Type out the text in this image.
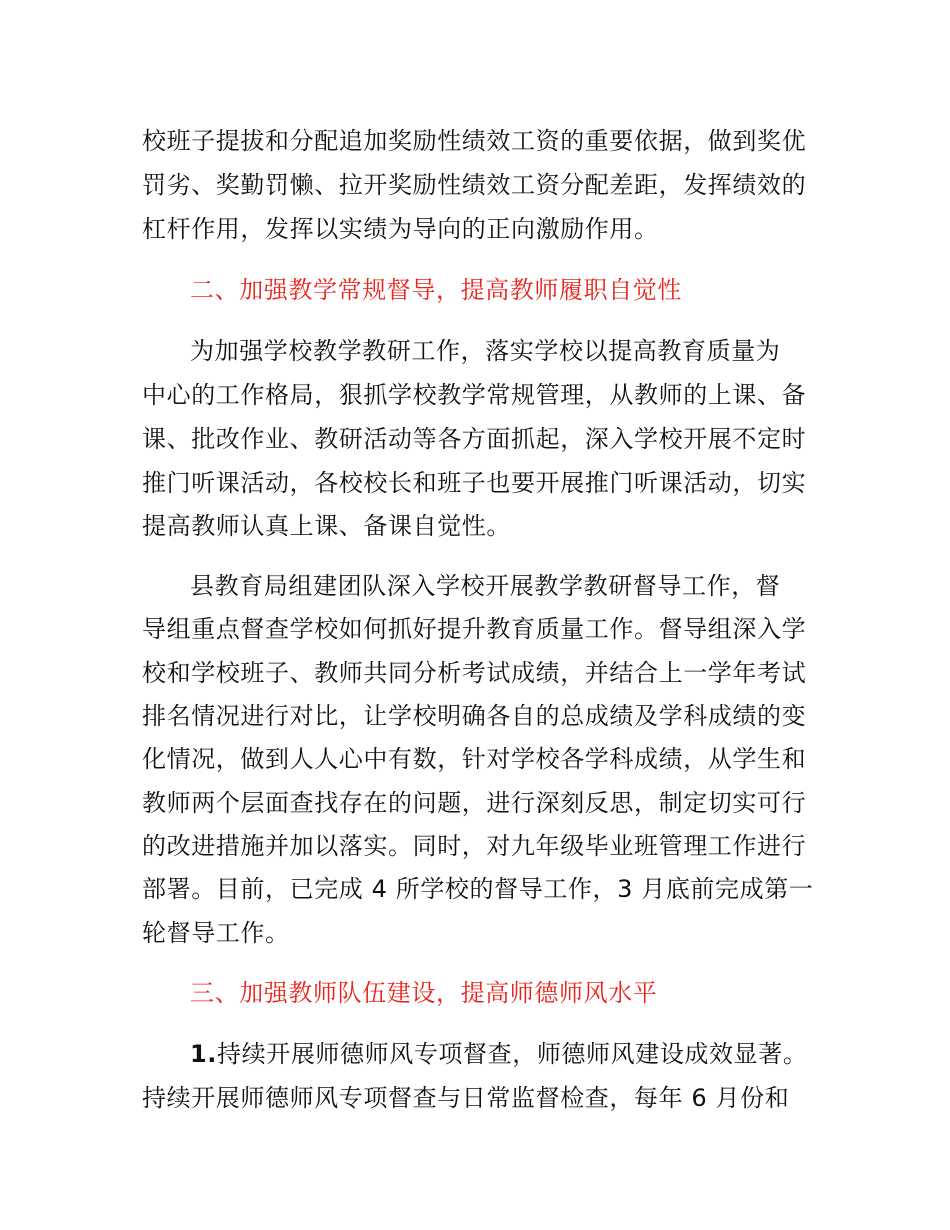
校班子提拔和分配追加奖励性绩效工资的重要依据，做到奖优
罚劣、奖勤罚懒、拉开奖励性绩效工资分配差距，发挥绩效的
杠杆作用，发挥以实绩为导向的正向激励作用。
二、加强教学常规督导，提高教师履职自觉性
为加强学校教学教研工作，落实学校以提高教育质量为
中心的工作格局，狠抓学校教学常规管理，从教师的上课、备
课、批改作业、教研活动等各方面抓起，深入学校开展不定时
推门听课活动，各校校长和班子也要开展推门听课活动，切实
提高教师认真上课、备课自觉性。
县教育局组建团队深入学校开展教学教研督导工作，督
导组重点督查学校如何抓好提升教育质量工作。督导组深入学
校和学校班子、教师共同分析考试成绩，并结合上一学年考试
排名情况进行对比，让学校明确各自的总成绩及学科成绩的变
化情况，做到人人心中有数，针对学校各学科成绩，从学生和
教师两个层面查找存在的问题，进行深刻反思，制定切实可行
的改进措施并加以落实。同时，对九年级毕业班管理工作进行
部署。目前，已完成 4 所学校的督导工作，3 月底前完成第一
轮督导工作。
三、加强教师队伍建设，提高师德师风水平
1.持续开展师德师风专项督查，师德师风建设成效显著。
持续开展师德师风专项督查与日常监督检查，每年 6 月份和
